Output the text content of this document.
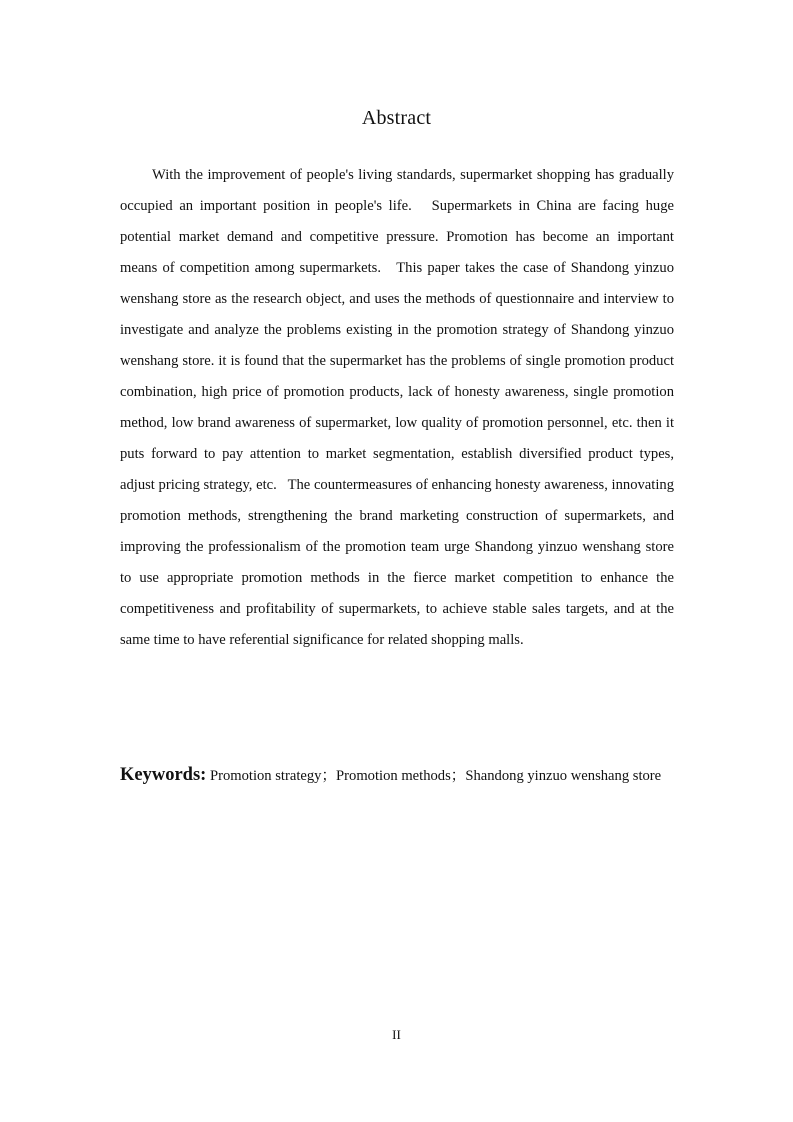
Abstract

With the improvement of people's living standards, supermarket shopping has gradually occupied an important position in people's life.   Supermarkets in China are facing huge potential market demand and competitive pressure. Promotion has become an important means of competition among supermarkets.   This paper takes the case of Shandong yinzuo wenshang store as the research object, and uses the methods of questionnaire and interview to investigate and analyze the problems existing in the promotion strategy of Shandong yinzuo wenshang store. it is found that the supermarket has the problems of single promotion product combination, high price of promotion products, lack of honesty awareness, single promotion method, low brand awareness of supermarket, low quality of promotion personnel, etc. then it puts forward to pay attention to market segmentation, establish diversified product types, adjust pricing strategy, etc.   The countermeasures of enhancing honesty awareness, innovating promotion methods, strengthening the brand marketing construction of supermarkets, and improving the professionalism of the promotion team urge Shandong yinzuo wenshang store to use appropriate promotion methods in the fierce market competition to enhance the competitiveness and profitability of supermarkets, to achieve stable sales targets, and at the same time to have referential significance for related shopping malls.

Keywords: Promotion strategy；Promotion methods；Shandong yinzuo wenshang store

II
